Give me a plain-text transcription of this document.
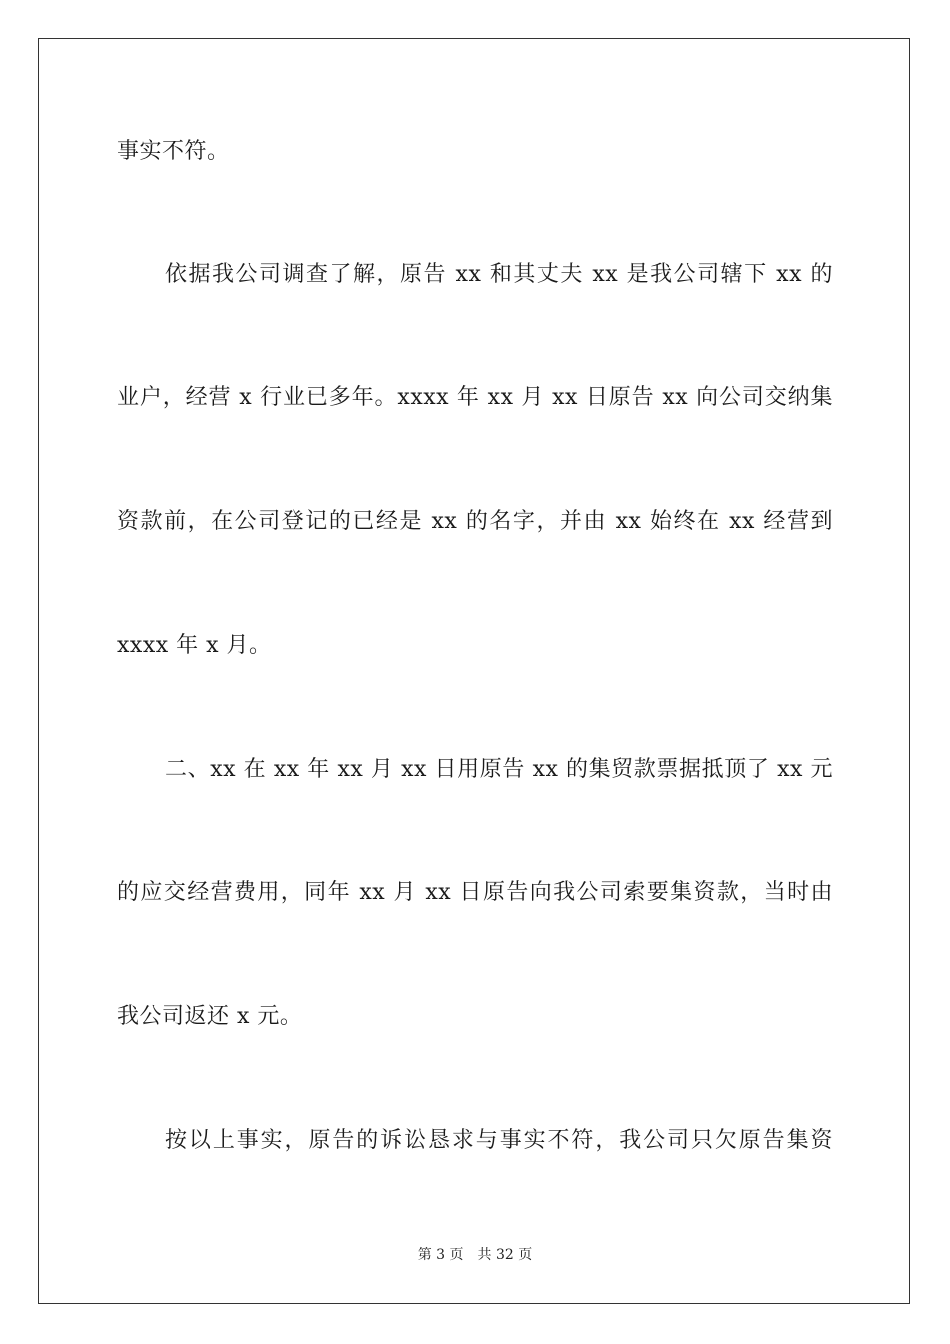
事实不符。
依据我公司调查了解，原告 xx 和其丈夫 xx 是我公司辖下 xx 的
业户，经营 x 行业已多年。xxxx 年 xx 月 xx 日原告 xx 向公司交纳集
资款前，在公司登记的已经是 xx 的名字，并由 xx 始终在 xx 经营到
xxxx 年 x 月。
二、xx 在 xx 年 xx 月 xx 日用原告 xx 的集贸款票据抵顶了 xx 元
的应交经营费用，同年 xx 月 xx 日原告向我公司索要集资款，当时由
我公司返还 x 元。
按以上事实，原告的诉讼恳求与事实不符，我公司只欠原告集资
第 3 页 共 32 页
